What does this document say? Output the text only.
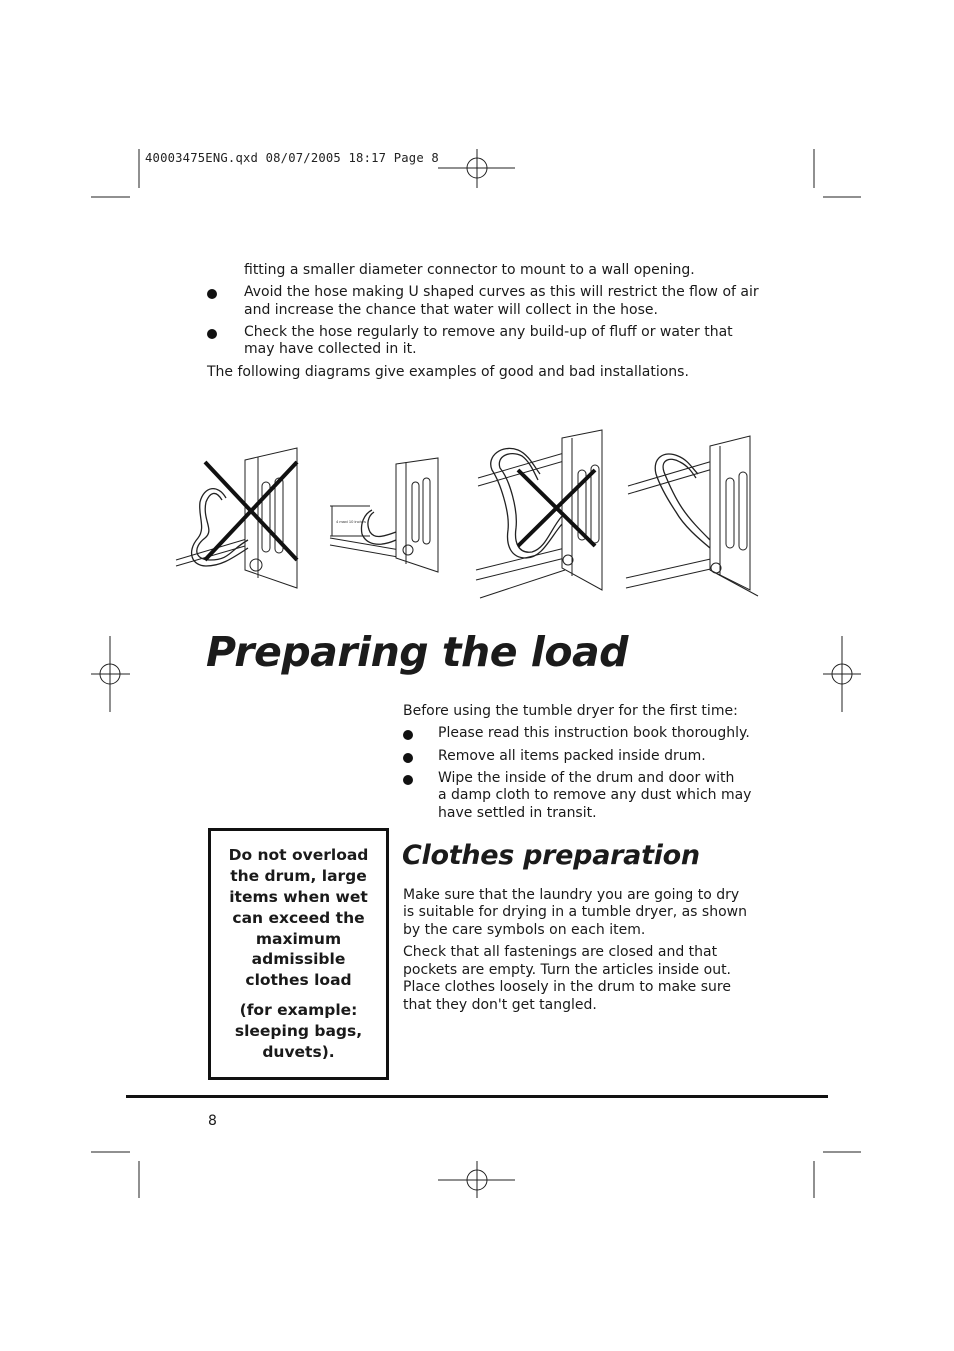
40003475ENG.qxd 08/07/2005 18:17 Page 8

fitting a smaller diameter connector to mount to a wall opening.

Avoid the hose making U shaped curves as this will restrict the flow of air

and increase the chance that water will collect in the hose.

Check the hose regularly to remove any build-up of fluff or water that

may have collected in it.

The following diagrams give examples of good and bad installations.

4 maxi 10 inches
Preparing the load

Before using the tumble dryer for the first time:

Please read this instruction book thoroughly.

Remove all items packed inside drum.

Wipe the inside of the drum and door with

a damp cloth to remove any dust which may

have settled in transit.

Do not overload

the drum, large

items when wet

can exceed the

maximum

admissible

clothes load

(for example:

sleeping bags,

duvets).

Clothes preparation

Make sure that the laundry you are going to dry

is suitable for drying in a tumble dryer, as shown

by the care symbols on each item.

Check that all fastenings are closed and that

pockets are empty. Turn the articles inside out.

Place clothes loosely in the drum to make sure

that they don't get tangled.

8
